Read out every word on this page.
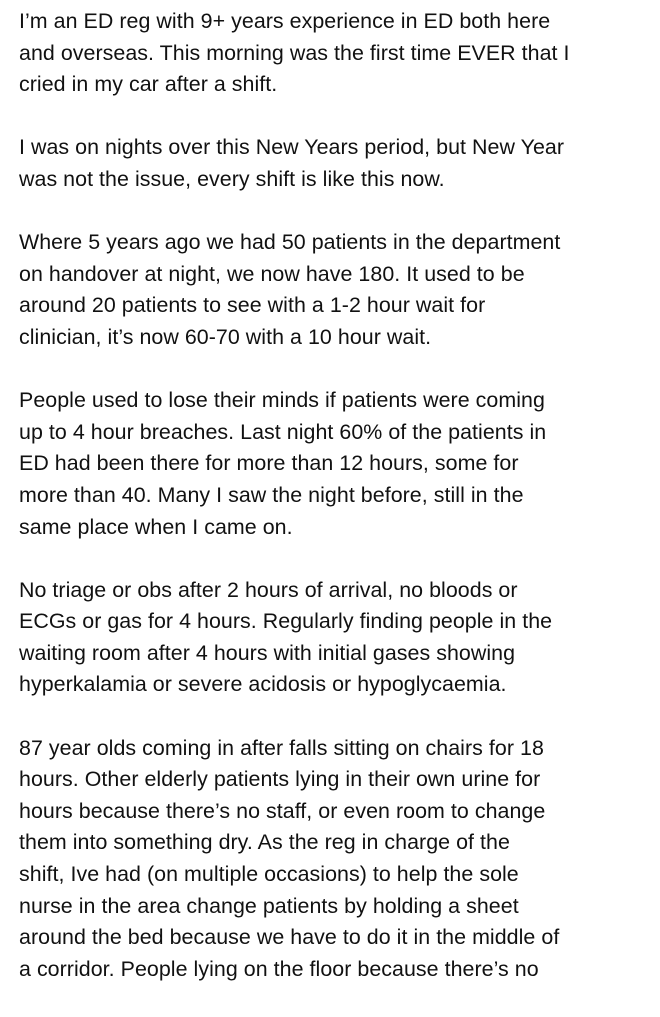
I’m an ED reg with 9+ years experience in ED both here
and overseas. This morning was the first time EVER that I
cried in my car after a shift.
I was on nights over this New Years period, but New Year
was not the issue, every shift is like this now.
Where 5 years ago we had 50 patients in the department
on handover at night, we now have 180. It used to be
around 20 patients to see with a 1-2 hour wait for
clinician, it’s now 60-70 with a 10 hour wait.
People used to lose their minds if patients were coming
up to 4 hour breaches. Last night 60% of the patients in
ED had been there for more than 12 hours, some for
more than 40. Many I saw the night before, still in the
same place when I came on.
No triage or obs after 2 hours of arrival, no bloods or
ECGs or gas for 4 hours. Regularly finding people in the
waiting room after 4 hours with initial gases showing
hyperkalamia or severe acidosis or hypoglycaemia.
87 year olds coming in after falls sitting on chairs for 18
hours. Other elderly patients lying in their own urine for
hours because there’s no staff, or even room to change
them into something dry. As the reg in charge of the
shift, Ive had (on multiple occasions) to help the sole
nurse in the area change patients by holding a sheet
around the bed because we have to do it in the middle of
a corridor. People lying on the floor because there’s no
